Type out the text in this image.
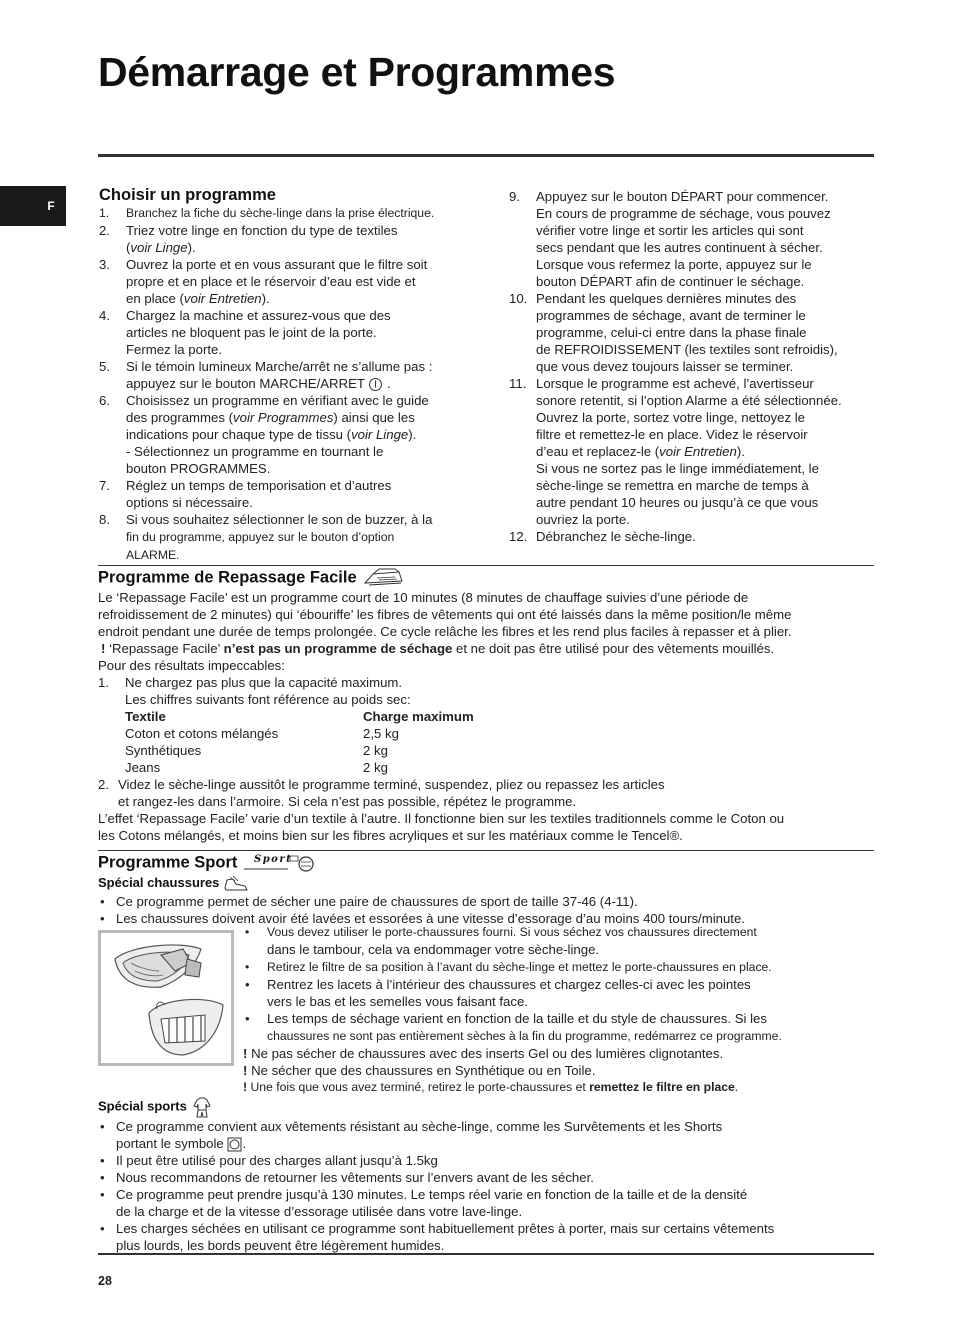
Démarrage et Programmes
F
Choisir un programme
1. Branchez la fiche du sèche-linge dans la prise électrique.
2. Triez votre linge en fonction du type de textiles
(voir Linge).
3. Ouvrez la porte et en vous assurant que le filtre soit
propre et en place et le réservoir d’eau est vide et
en place (voir Entretien).
4. Chargez la machine et assurez-vous que des
articles ne bloquent pas le joint de la porte.
Fermez la porte.
5. Si le témoin lumineux Marche/arrêt ne s’allume pas :
appuyez sur le bouton MARCHE/ARRET  .
6. Choisissez un programme en vérifiant avec le guide
des programmes (voir Programmes) ainsi que les
indications pour chaque type de tissu (voir Linge).
- Sélectionnez un programme en tournant le
bouton PROGRAMMES.
7. Réglez un temps de temporisation et d’autres
options si nécessaire.
8. Si vous souhaitez sélectionner le son de buzzer, à la
fin du programme, appuyez sur le bouton d’option
ALARME.
9. Appuyez sur le bouton DÉPART pour commencer.
En cours de programme de séchage, vous pouvez
vérifier votre linge et sortir les articles qui sont
secs pendant que les autres continuent à sécher.
Lorsque vous refermez la porte, appuyez sur le
bouton DÉPART afin de continuer le séchage.
10. Pendant les quelques dernières minutes des
programmes de séchage, avant de terminer le
programme, celui-ci entre dans la phase finale
de REFROIDISSEMENT (les textiles sont refroidis),
que vous devez toujours laisser se terminer.
11. Lorsque le programme est achevé, l’avertisseur
sonore retentit, si l’option Alarme a été sélectionnée.
Ouvrez la porte, sortez votre linge, nettoyez le
filtre et remettez-le en place. Videz le réservoir
d’eau et replacez-le (voir Entretien).
Si vous ne sortez pas le linge immédiatement, le
sèche-linge se remettra en marche de temps à
autre pendant 10 heures ou jusqu’à ce que vous
ouvriez la porte.
12. Débranchez le sèche-linge.
Programme de Repassage Facile
Le ‘Repassage Facile’ est un programme court de 10 minutes (8 minutes de chauffage suivies d’une période de
refroidissement de 2 minutes) qui ‘ébouriffe’ les fibres de vêtements qui ont été laissés dans la même position/le même
endroit pendant une durée de temps prolongée. Ce cycle relâche les fibres et les rend plus faciles à repasser et à plier.
! ‘Repassage Facile’ n’est pas un programme de séchage et ne doit pas être utilisé pour des vêtements mouillés.
Pour des résultats impeccables:
1. Ne chargez pas plus que la capacité maximum.
Les chiffres suivants font référence au poids sec:
Textile	Charge maximum
Coton et cotons mélangés	2,5 kg
Synthétiques	2 kg
Jeans	2 kg
2. Videz le sèche-linge aussitôt le programme terminé, suspendez, pliez ou repassez les articles
et rangez-les dans l’armoire. Si cela n’est pas possible, répétez le programme.
L’effet ‘Repassage Facile’ varie d’un textile à l’autre. Il fonctionne bien sur les textiles traditionnels comme le Coton ou
les Cotons mélangés, et moins bien sur les fibres acryliques et sur les matériaux comme le Tencel®.
Programme Sport Sport
Spécial chaussures
• Ce programme permet de sécher une paire de chaussures de sport de taille 37-46 (4-11).
• Les chaussures doivent avoir été lavées et essorées à une vitesse d’essorage d’au moins 400 tours/minute.
• Vous devez utiliser le porte-chaussures fourni. Si vous séchez vos chaussures directement
dans le tambour, cela va endommager votre sèche-linge.
• Retirez le filtre de sa position à l’avant du sèche-linge et mettez le porte-chaussures en place.
• Rentrez les lacets à l’intérieur des chaussures et chargez celles-ci avec les pointes
vers le bas et les semelles vous faisant face.
• Les temps de séchage varient en fonction de la taille et du style de chaussures. Si les
chaussures ne sont pas entièrement sèches à la fin du programme, redémarrez ce programme.
! Ne pas sécher de chaussures avec des inserts Gel ou des lumières clignotantes.
! Ne sécher que des chaussures en Synthétique ou en Toile.
! Une fois que vous avez terminé, retirez le porte-chaussures et remettez le filtre en place.
Spécial sports
• Ce programme convient aux vêtements résistant au sèche-linge, comme les Survêtements et les Shorts
portant le symbole .
• Il peut être utilisé pour des charges allant jusqu’à 1.5kg
• Nous recommandons de retourner les vêtements sur l’envers avant de les sécher.
• Ce programme peut prendre jusqu’à 130 minutes. Le temps réel varie en fonction de la taille et de la densité
de la charge et de la vitesse d’essorage utilisée dans votre lave-linge.
• Les charges séchées en utilisant ce programme sont habituellement prêtes à porter, mais sur certains vêtements
plus lourds, les bords peuvent être légèrement humides.
28
